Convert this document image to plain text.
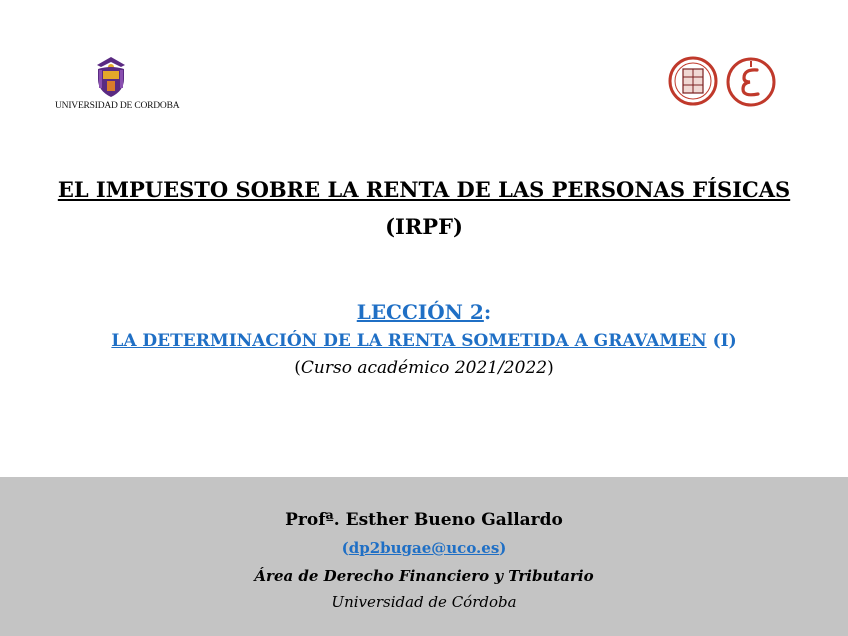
UNIVERSIDAD DE CORDOBA
EL IMPUESTO SOBRE LA RENTA DE LAS PERSONAS FÍSICAS
(IRPF)
LECCIÓN 2:
LA DETERMINACIÓN DE LA RENTA SOMETIDA A GRAVAMEN (I)
(Curso académico 2021/2022)
Profª. Esther Bueno Gallardo
(dp2bugae@uco.es)
Área de Derecho Financiero y Tributario
Universidad de Córdoba
